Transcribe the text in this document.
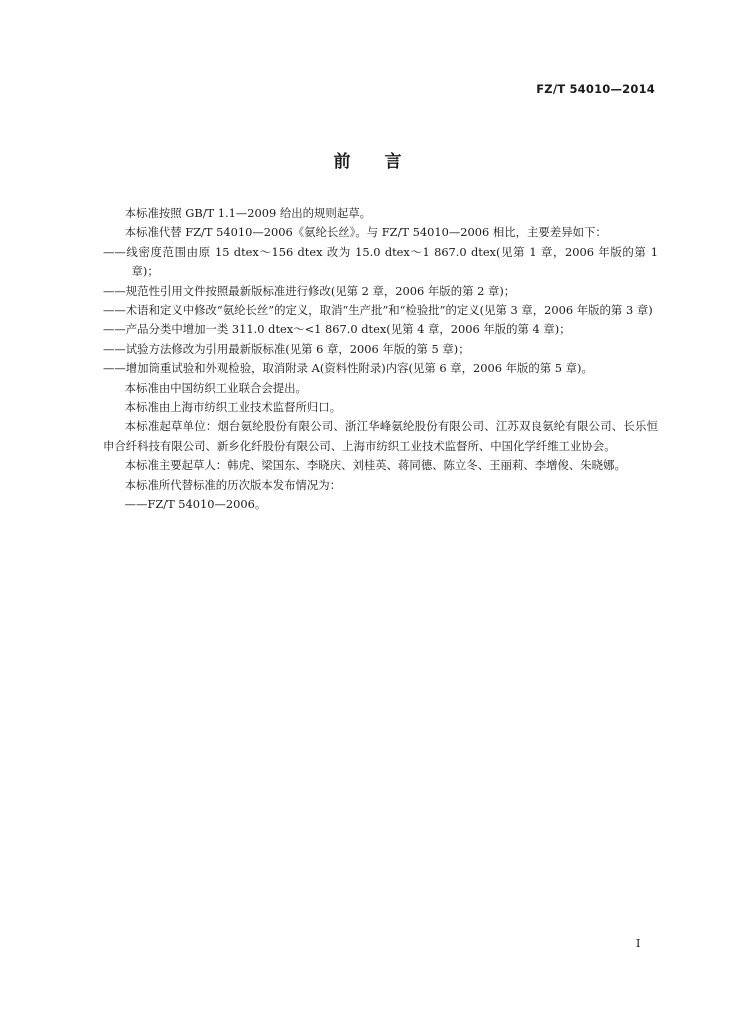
FZ/T 54010—2014
前言

本标准按照 GB/T 1.1—2009 给出的规则起草。

本标准代替 FZ/T 54010—2006《氨纶长丝》。与 FZ/T 54010—2006 相比，主要差异如下：

——线密度范围由原 15 dtex～156 dtex 改为 15.0 dtex～1 867.0 dtex(见第 1 章，2006 年版的第 1 章)；

——规范性引用文件按照最新版标准进行修改(见第 2 章，2006 年版的第 2 章)；

——术语和定义中修改“氨纶长丝”的定义，取消“生产批”和“检验批”的定义(见第 3 章，2006 年版的第 3 章)

——产品分类中增加一类 311.0 dtex～<1 867.0 dtex(见第 4 章，2006 年版的第 4 章)；

——试验方法修改为引用最新版标准(见第 6 章，2006 年版的第 5 章)；

——增加筒重试验和外观检验，取消附录 A(资料性附录)内容(见第 6 章，2006 年版的第 5 章)。

本标准由中国纺织工业联合会提出。

本标准由上海市纺织工业技术监督所归口。

本标准起草单位：烟台氨纶股份有限公司、浙江华峰氨纶股份有限公司、江苏双良氨纶有限公司、长乐恒申合纤科技有限公司、新乡化纤股份有限公司、上海市纺织工业技术监督所、中国化学纤维工业协会。

本标准主要起草人：韩虎、梁国东、李晓庆、刘桂英、蒋同德、陈立冬、王丽莉、李增俊、朱晓娜。

本标准所代替标准的历次版本发布情况为：

——FZ/T 54010—2006。

I
